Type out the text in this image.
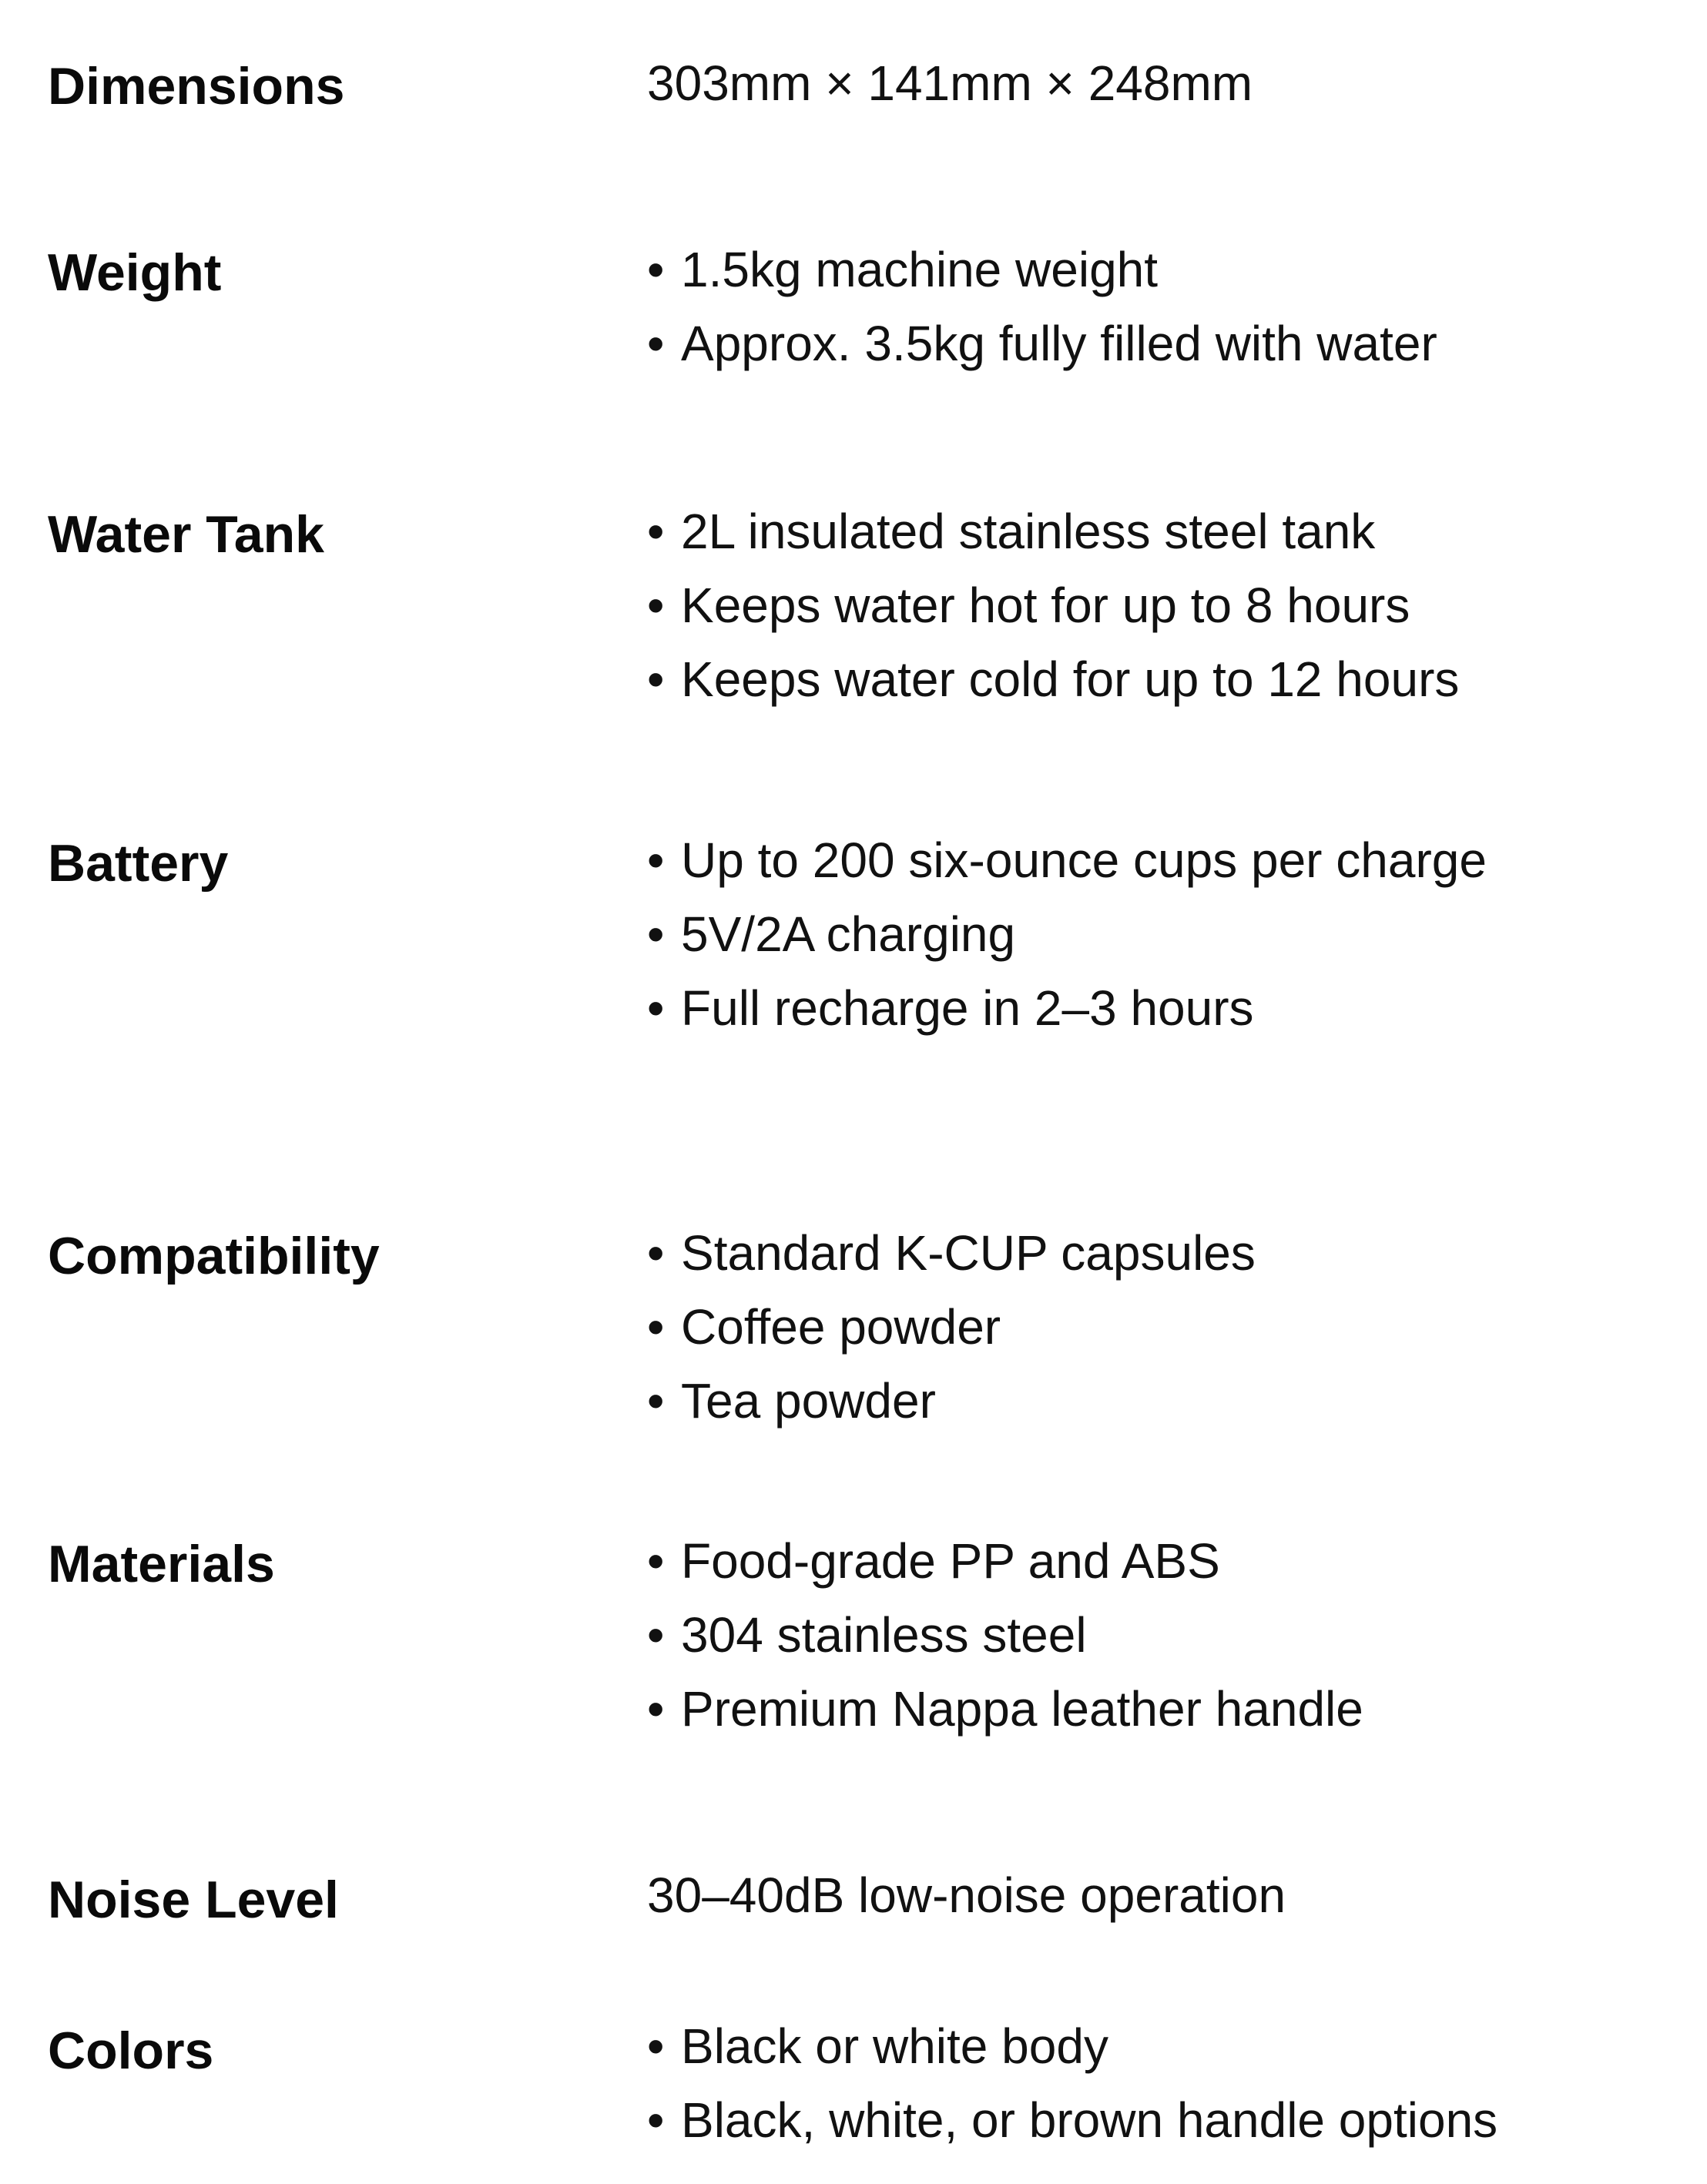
Dimensions	303mm × 141mm × 248mm
Weight	• 1.5kg machine weight
• Approx. 3.5kg fully filled with water
Water Tank	• 2L insulated stainless steel tank
• Keeps water hot for up to 8 hours
• Keeps water cold for up to 12 hours
Battery	• Up to 200 six-ounce cups per charge
• 5V/2A charging
• Full recharge in 2–3 hours
Compatibility	• Standard K-CUP capsules
• Coffee powder
• Tea powder
Materials	• Food-grade PP and ABS
• 304 stainless steel
• Premium Nappa leather handle
Noise Level	30–40dB low-noise operation
Colors	• Black or white body
• Black, white, or brown handle options
